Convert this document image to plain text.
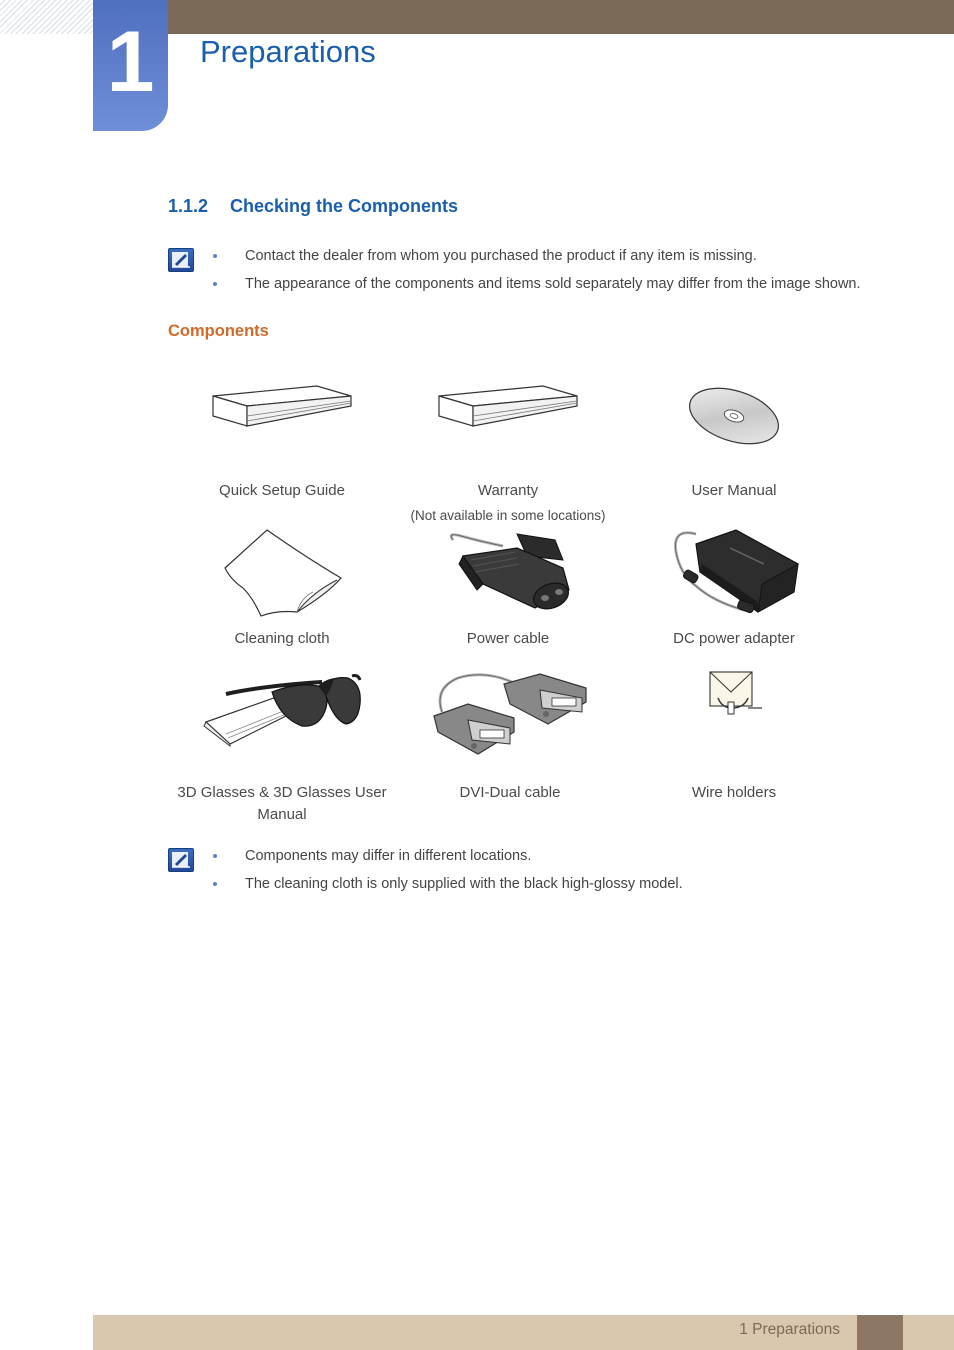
1	Preparations
1.1.2 Checking the Components
Contact the dealer from whom you purchased the product if any item is missing.
The appearance of the components and items sold separately may differ from the image shown.
Components
Quick Setup Guide	Warranty
(Not available in some locations)
User Manual
Cleaning cloth	Power cable	DC power adapter
3D Glasses & 3D Glasses User
Manual
DVI-Dual cable	Wire holders
Components may differ in different locations.
The cleaning cloth is only supplied with the black high-glossy model.
1 Preparations
